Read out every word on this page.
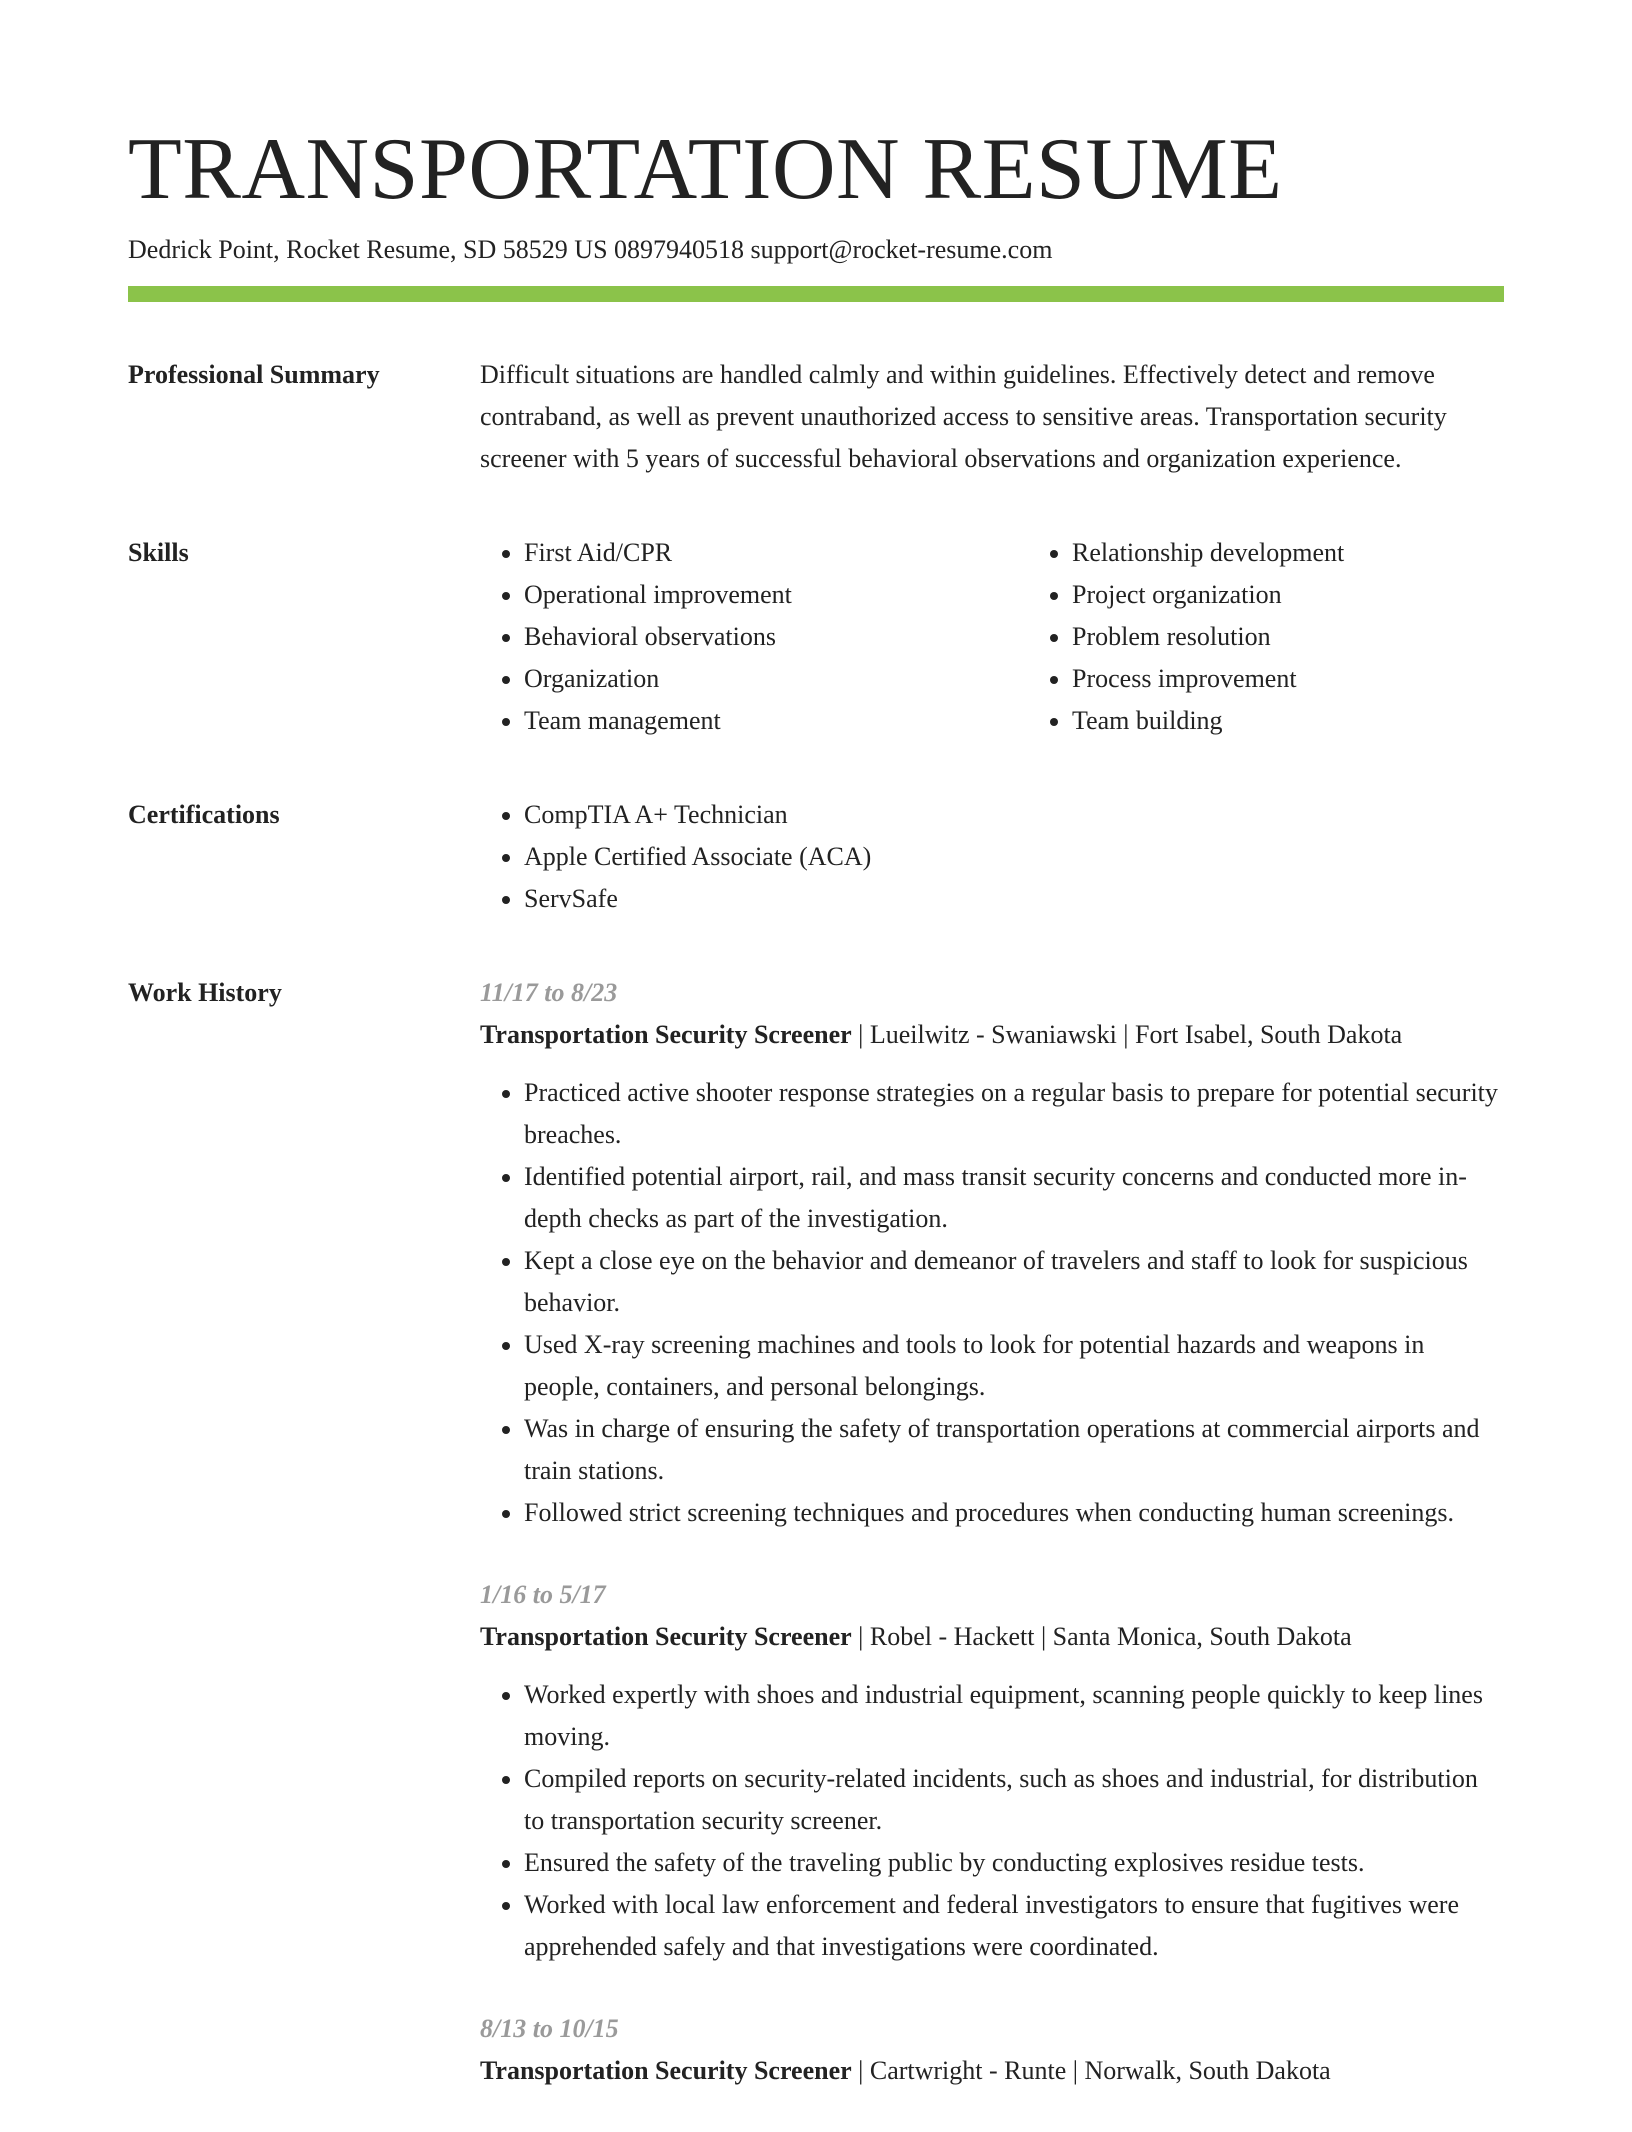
TRANSPORTATION RESUME
Dedrick Point, Rocket Resume, SD 58529 US 0897940518 support@rocket-resume.com
Professional Summary	Difficult situations are handled calmly and within guidelines. Effectively detect and remove contraband, as well as prevent unauthorized access to sensitive areas. Transportation security screener with 5 years of successful behavioral observations and organization experience.

Skills	• First Aid/CPR
• Operational improvement
• Behavioral observations
• Organization
• Team management
• Relationship development
• Project organization
• Problem resolution
• Process improvement
• Team building
Certifications	• CompTIA A+ Technician
• Apple Certified Associate (ACA)
• ServSafe
Work History	11/17 to 8/23
Transportation Security Screener | Lueilwitz - Swaniawski | Fort Isabel, South Dakota
• Practiced active shooter response strategies on a regular basis to prepare for potential security breaches.
• Identified potential airport, rail, and mass transit security concerns and conducted more in-depth checks as part of the investigation.
• Kept a close eye on the behavior and demeanor of travelers and staff to look for suspicious behavior.
• Used X-ray screening machines and tools to look for potential hazards and weapons in people, containers, and personal belongings.
• Was in charge of ensuring the safety of transportation operations at commercial airports and train stations.
• Followed strict screening techniques and procedures when conducting human screenings.
1/16 to 5/17
Transportation Security Screener | Robel - Hackett | Santa Monica, South Dakota
• Worked expertly with shoes and industrial equipment, scanning people quickly to keep lines moving.
• Compiled reports on security-related incidents, such as shoes and industrial, for distribution to transportation security screener.
• Ensured the safety of the traveling public by conducting explosives residue tests.
• Worked with local law enforcement and federal investigators to ensure that fugitives were apprehended safely and that investigations were coordinated.
8/13 to 10/15
Transportation Security Screener | Cartwright - Runte | Norwalk, South Dakota
